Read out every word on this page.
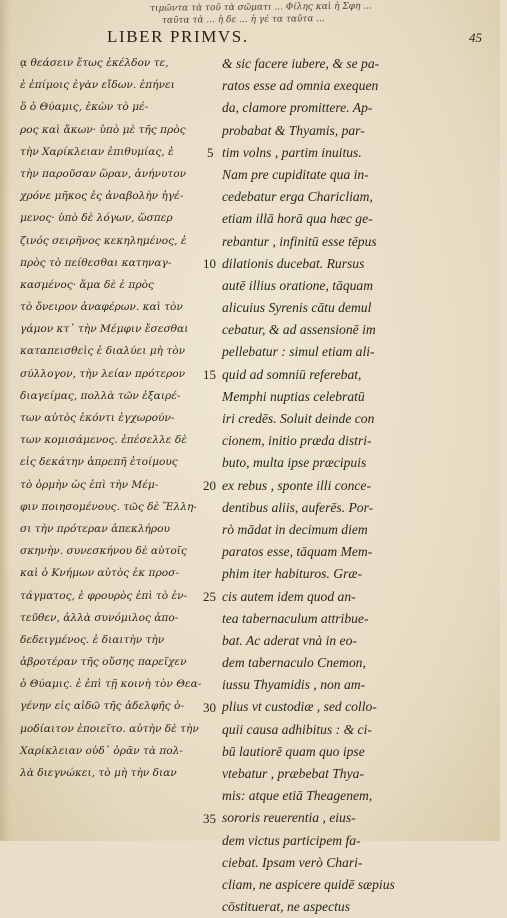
τιμῶντα τὰ τοῦ τὰ σῶματι ... Φίλης καὶ ἡ Σφη ...
ταῦτα τὰ ... ἡ δε ... ἡ γέ τα ταῦτα ...
LIBER PRIMVS.	45
ᾳ θεάσειν ἔτως ἐκέλδον τε,
ἐ ἐπίμοις ἐγὰν εἴδων. ἐπήνει
ὅ ὁ Θύαμις, ἐκὼν τὸ μέ-
ρος καὶ ἄκων· ὑπὸ μὲ τῆς πρὸς
τὴν Χαρίκλειαν ἐπιθυμίας, ἐ
τὴν παροῦσαν ὥραν, ἀνήνυτον
χρόνε μῆκος ἐς ἀναβολὴν ἡγέ-
μενος· ὑπὸ δὲ λόγων, ὥσπερ
ζινός σειρῆνος κεκηλημένος, ἐ
πρὸς τὸ πείθεσθαι κατηναγ-
κασμένος· ἅμα δὲ ἐ πρὸς
τὸ ὄνειρον ἀναφέρων. καὶ τὸν
γάμον κτ᾽ τὴν Μέμφιν ἔσεσθαι
καταπεισθεὶς ἐ διαλύει μὴ τὸν
σύλλογον, τὴν λείαν πρότερον
διαγείμας, πολλὰ τῶν ἐξαιρέ-
των αὐτὸς ἑκόντι ἐγχωρούν-
των κομισάμενος. ἐπέσελλε δὲ
εἰς δεκάτην ἀπρεπῆ ἑτοίμους
τὸ ὁρμὴν ὡς ἐπὶ τὴν Μέμ-
φιν ποιησομένους. τῶς δὲ Ἕλλη-
σι τὴν πρότεραν ἀπεκλήρου
σκηνὴν. συνεσκήνου δὲ αὐτοῖς
καὶ ὁ Κνήμων αὐτὸς ἐκ προσ-
τάγματος, ἐ φρουρὸς ἐπὶ τὸ ἐν-
τεῦθεν, ἀλλὰ συνόμιλος ἀπο-
δεδειγμένος. ἐ διαιτὴν τὴν
ἁβροτέραν τῆς οὔσης παρεῖχεν
ὁ Θύαμις. ἐ ἐπὶ τῇ κοινὴ τὸν Θεα-
γένην εἰς αἰδῶ τῆς ἀδελφῆς ὁ-
μοδίαιτον ἐποιεῖτο. αὐτὴν δὲ τὴν
Χαρίκλειαν οὐδ᾽ ὁρᾶν τὰ πολ-
λὰ διεγνώκει, τὸ μὴ τὴν διαν
& sic facere iubere, & se pa-
ratos esse ad omnia exequen
da, clamore promittere. Ap-
probabat & Thyamis, par-
tim volns , partim inuitus.
Nam pre cupiditate qua in-
cedebatur erga Charicliam,
etiam illā horā qua hæc ge-
rebantur , infinitū esse tēpus
dilationis ducebat. Rursus
autē illius oratione, tāquam
alicuius Syrenis cātu demul
cebatur, & ad assensionē im
pellebatur : simul etiam ali-
quid ad somniū referebat,
Memphi nuptias celebratū
iri credēs. Soluit deinde con
cionem, initio præda distri-
buto, multa ipse præcipuis
ex rebus , sponte illi conce-
dentibus aliis, auferēs. Por-
rò mādat in decimum diem
paratos esse, tāquam Mem-
phim iter habituros. Græ-
cis autem idem quod an-
tea tabernaculum attribue-
bat. Ac aderat vnà in eo-
dem tabernaculo Cnemon,
iussu Thyamidis , non am-
plius vt custodiæ , sed collo-
quii causa adhibitus : & ci-
bū lautiorē quam quo ipse
vtebatur , præbebat Thya-
mis: atque etiā Theagenem,
sororis reuerentia , eius-
dem victus participem fa-
ciebat. Ipsam verò Chari-
cliam, ne aspicere quidē sæpius
cōstituerat, ne aspectus
5
10
15
20
25
30
35
